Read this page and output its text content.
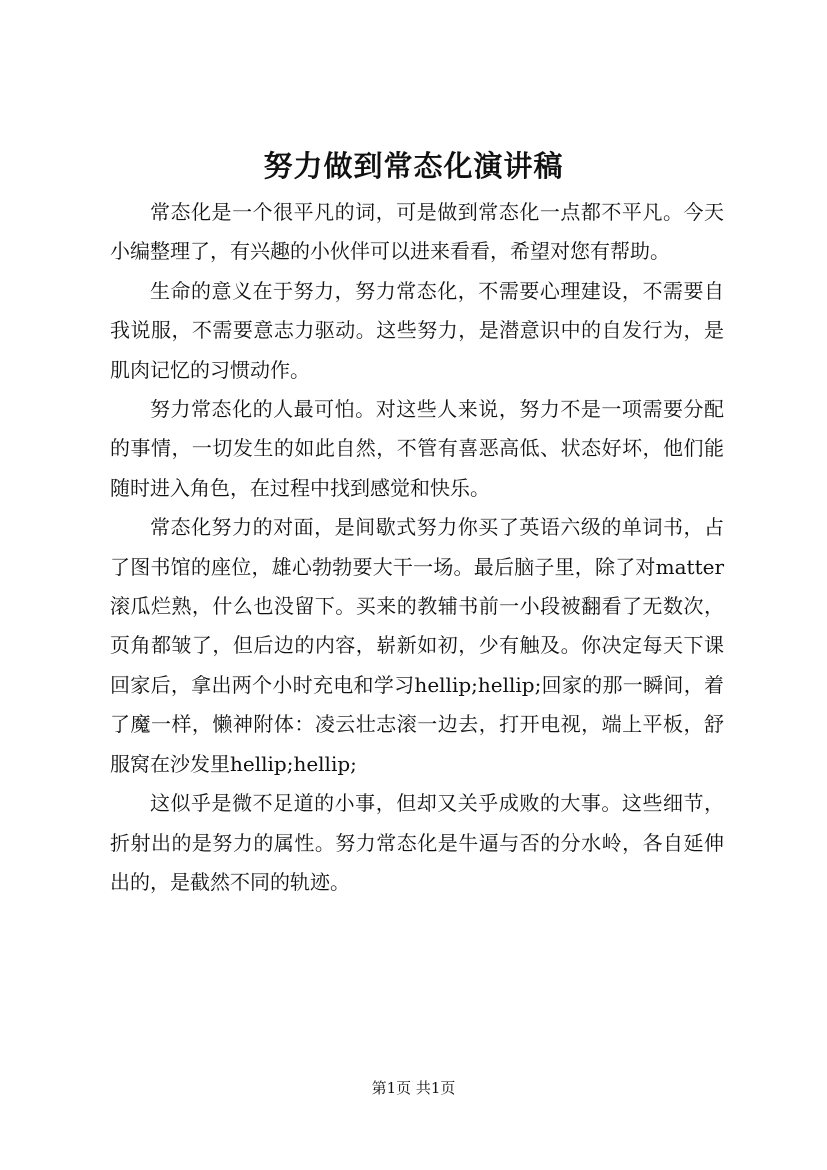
努力做到常态化演讲稿

常态化是一个很平凡的词，可是做到常态化一点都不平凡。今天小编整理了，有兴趣的小伙伴可以进来看看，希望对您有帮助。

生命的意义在于努力，努力常态化，不需要心理建设，不需要自我说服，不需要意志力驱动。这些努力，是潜意识中的自发行为，是肌肉记忆的习惯动作。

努力常态化的人最可怕。对这些人来说，努力不是一项需要分配的事情，一切发生的如此自然，不管有喜恶高低、状态好坏，他们能随时进入角色，在过程中找到感觉和快乐。

常态化努力的对面，是间歇式努力你买了英语六级的单词书，占了图书馆的座位，雄心勃勃要大干一场。最后脑子里，除了对matter滚瓜烂熟，什么也没留下。买来的教辅书前一小段被翻看了无数次，页角都皱了，但后边的内容，崭新如初，少有触及。你决定每天下课回家后，拿出两个小时充电和学习hellip;hellip;回家的那一瞬间，着了魔一样，懒神附体：凌云壮志滚一边去，打开电视，端上平板，舒服窝在沙发里hellip;hellip;

这似乎是微不足道的小事，但却又关乎成败的大事。这些细节，折射出的是努力的属性。努力常态化是牛逼与否的分水岭，各自延伸出的，是截然不同的轨迹。

第1页 共1页
